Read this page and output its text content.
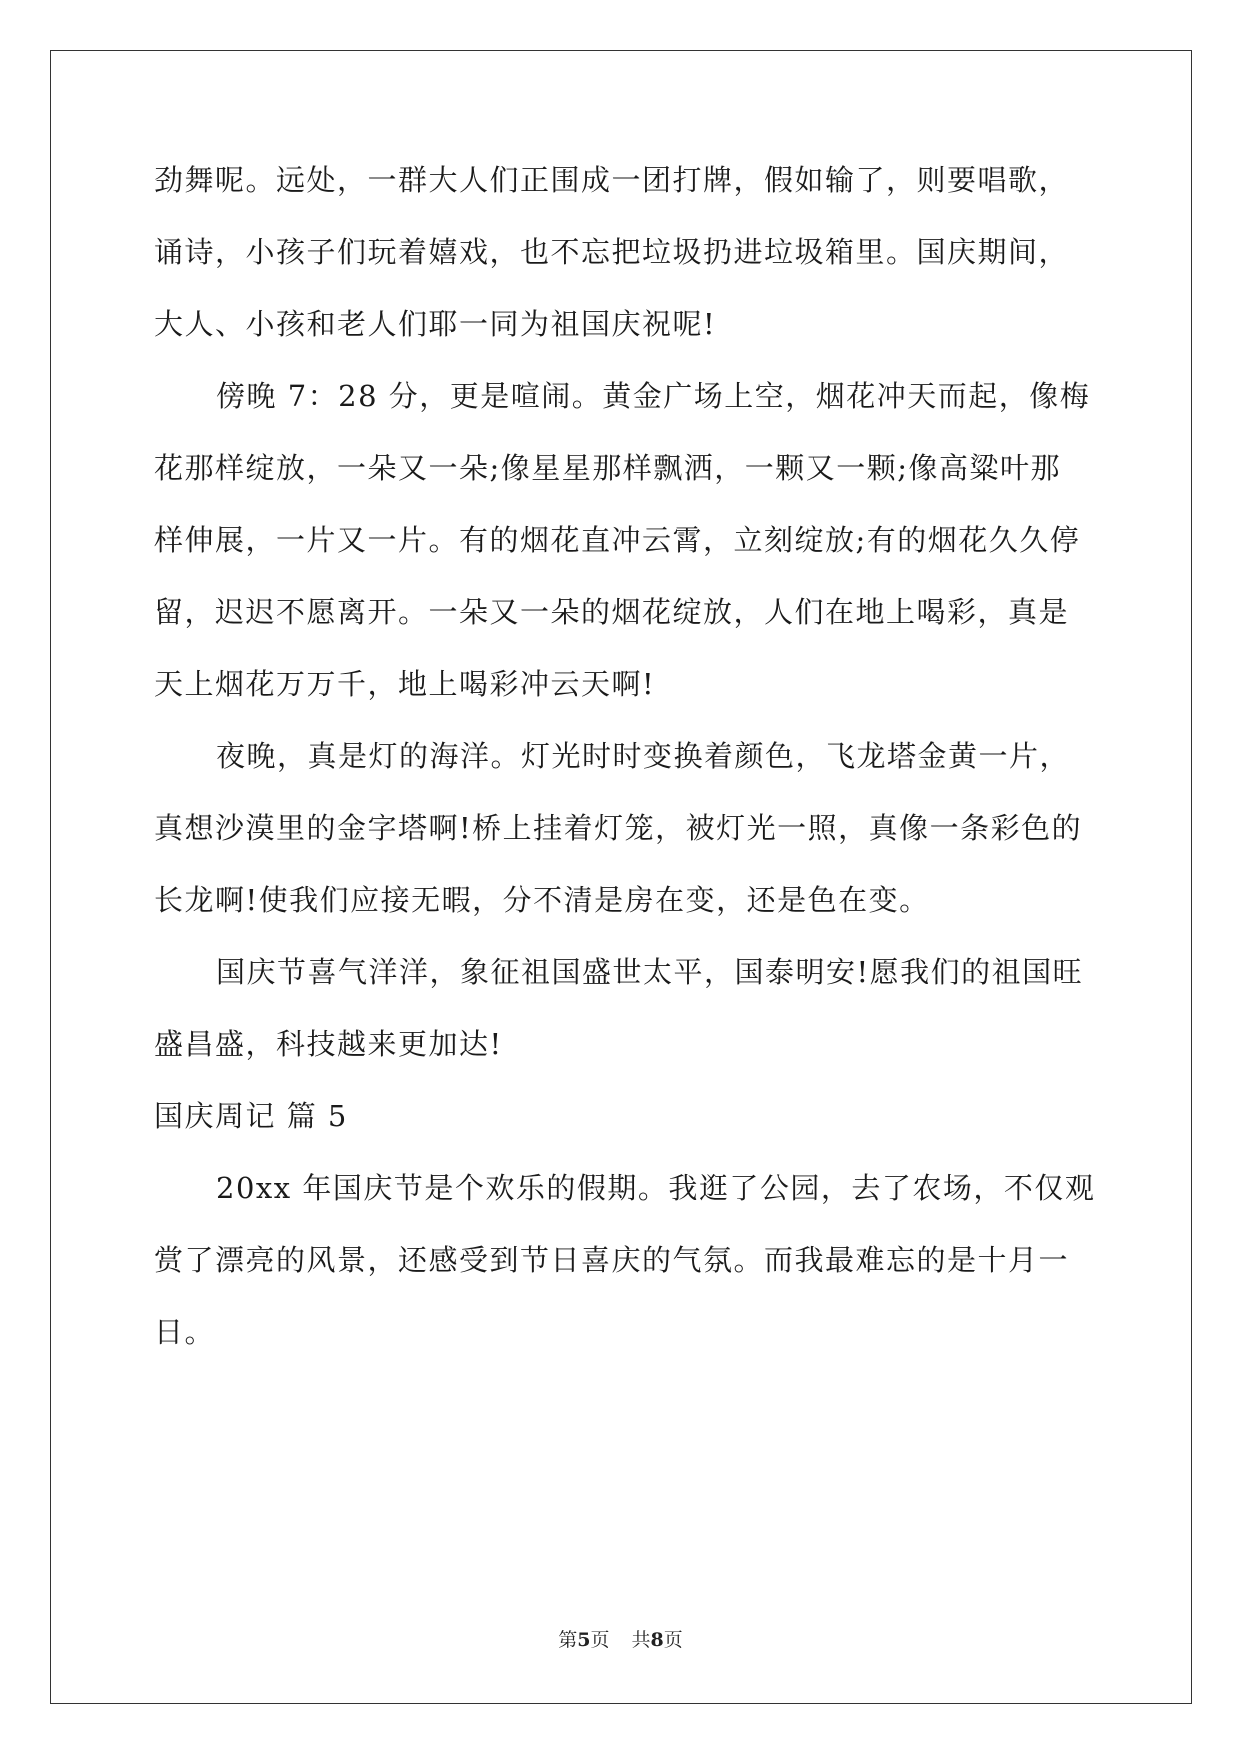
劲舞呢。远处，一群大人们正围成一团打牌，假如输了，则要唱歌，
诵诗，小孩子们玩着嬉戏，也不忘把垃圾扔进垃圾箱里。国庆期间，
大人、小孩和老人们耶一同为祖国庆祝呢!
傍晚 7：28 分，更是喧闹。黄金广场上空，烟花冲天而起，像梅
花那样绽放，一朵又一朵;像星星那样飘洒，一颗又一颗;像高粱叶那
样伸展，一片又一片。有的烟花直冲云霄，立刻绽放;有的烟花久久停
留，迟迟不愿离开。一朵又一朵的烟花绽放，人们在地上喝彩，真是
天上烟花万万千，地上喝彩冲云天啊!
夜晚，真是灯的海洋。灯光时时变换着颜色，飞龙塔金黄一片，
真想沙漠里的金字塔啊!桥上挂着灯笼，被灯光一照，真像一条彩色的
长龙啊!使我们应接无暇，分不清是房在变，还是色在变。
国庆节喜气洋洋，象征祖国盛世太平，国泰明安!愿我们的祖国旺
盛昌盛，科技越来更加达!
国庆周记 篇 5
20xx 年国庆节是个欢乐的假期。我逛了公园，去了农场，不仅观
赏了漂亮的风景，还感受到节日喜庆的气氛。而我最难忘的是十月一
日。
第5页 共8页
